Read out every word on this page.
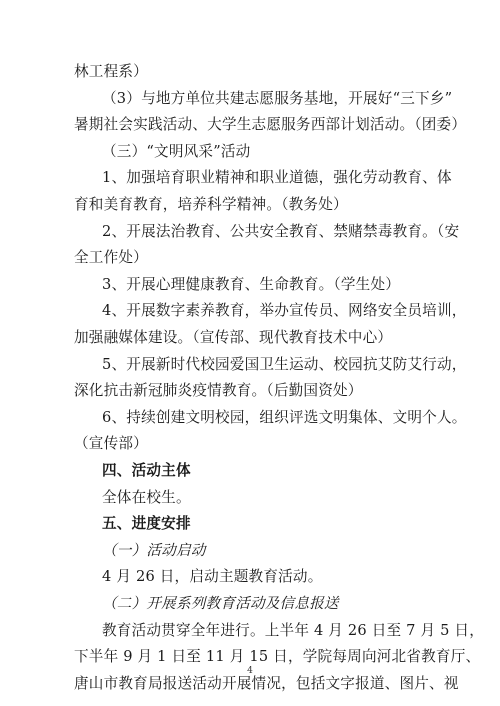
林工程系）
（3）与地方单位共建志愿服务基地，开展好“三下乡”
暑期社会实践活动、大学生志愿服务西部计划活动。（团委）
（三）“文明风采”活动
1、加强培育职业精神和职业道德，强化劳动教育、体
育和美育教育，培养科学精神。（教务处）
2、开展法治教育、公共安全教育、禁赌禁毒教育。（安
全工作处）
3、开展心理健康教育、生命教育。（学生处）
4、开展数字素养教育，举办宣传员、网络安全员培训，
加强融媒体建设。（宣传部、现代教育技术中心）
5、开展新时代校园爱国卫生运动、校园抗艾防艾行动，
深化抗击新冠肺炎疫情教育。（后勤国资处）
6、持续创建文明校园，组织评选文明集体、文明个人。
（宣传部）
四、活动主体
全体在校生。
五、进度安排
（一）活动启动
4 月 26 日，启动主题教育活动。
（二）开展系列教育活动及信息报送
教育活动贯穿全年进行。上半年 4 月 26 日至 7 月 5 日，
下半年 9 月 1 日至 11 月 15 日，学院每周向河北省教育厅、
唐山市教育局报送活动开展情况，包括文字报道、图片、视
4
